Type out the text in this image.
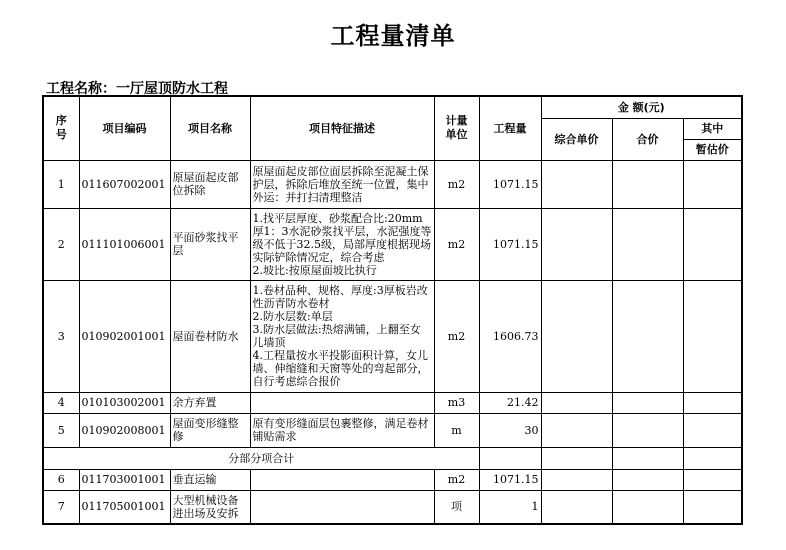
工程量清单
工程名称：一厅屋顶防水工程
序号	项目编码	项目名称	项目特征描述	计量单位	工程量	金 额(元)		
						综合单价	合价	其中
								暂估价
1	011607002001	原屋面起皮部位拆除	原屋面起皮部位面层拆除至泥凝土保护层，拆除后堆放至统一位置，集中外运：并打扫清理整洁	m2	1071.15			
2	011101006001	平面砂浆找平层	1.找平层厚度、砂浆配合比:20mm厚1：3水泥砂浆找平层，水泥强度等级不低于32.5级，局部厚度根据现场实际铲除情况定，综合考虑
2.坡比:按原屋面坡比执行	m2	1071.15			
3	010902001001	屋面卷材防水	1.卷材品种、规格、厚度:3厚板岩改性沥青防水卷材
2.防水层数:单层
3.防水层做法:热熔满铺，上翻至女儿墙顶
4.工程量按水平投影面积计算，女儿墙、伸缩缝和天窗等处的弯起部分，自行考虑综合报价	m2	1606.73			
4	010103002001	余方弃置		m3	21.42			
5	010902008001	屋面变形缝整修	原有变形缝面层包裹整修，满足卷材铺贴需求	m	30			
分部分项合计								
6	011703001001	垂直运输		m2	1071.15			
7	011705001001	大型机械设备进出场及安拆		项	1			
